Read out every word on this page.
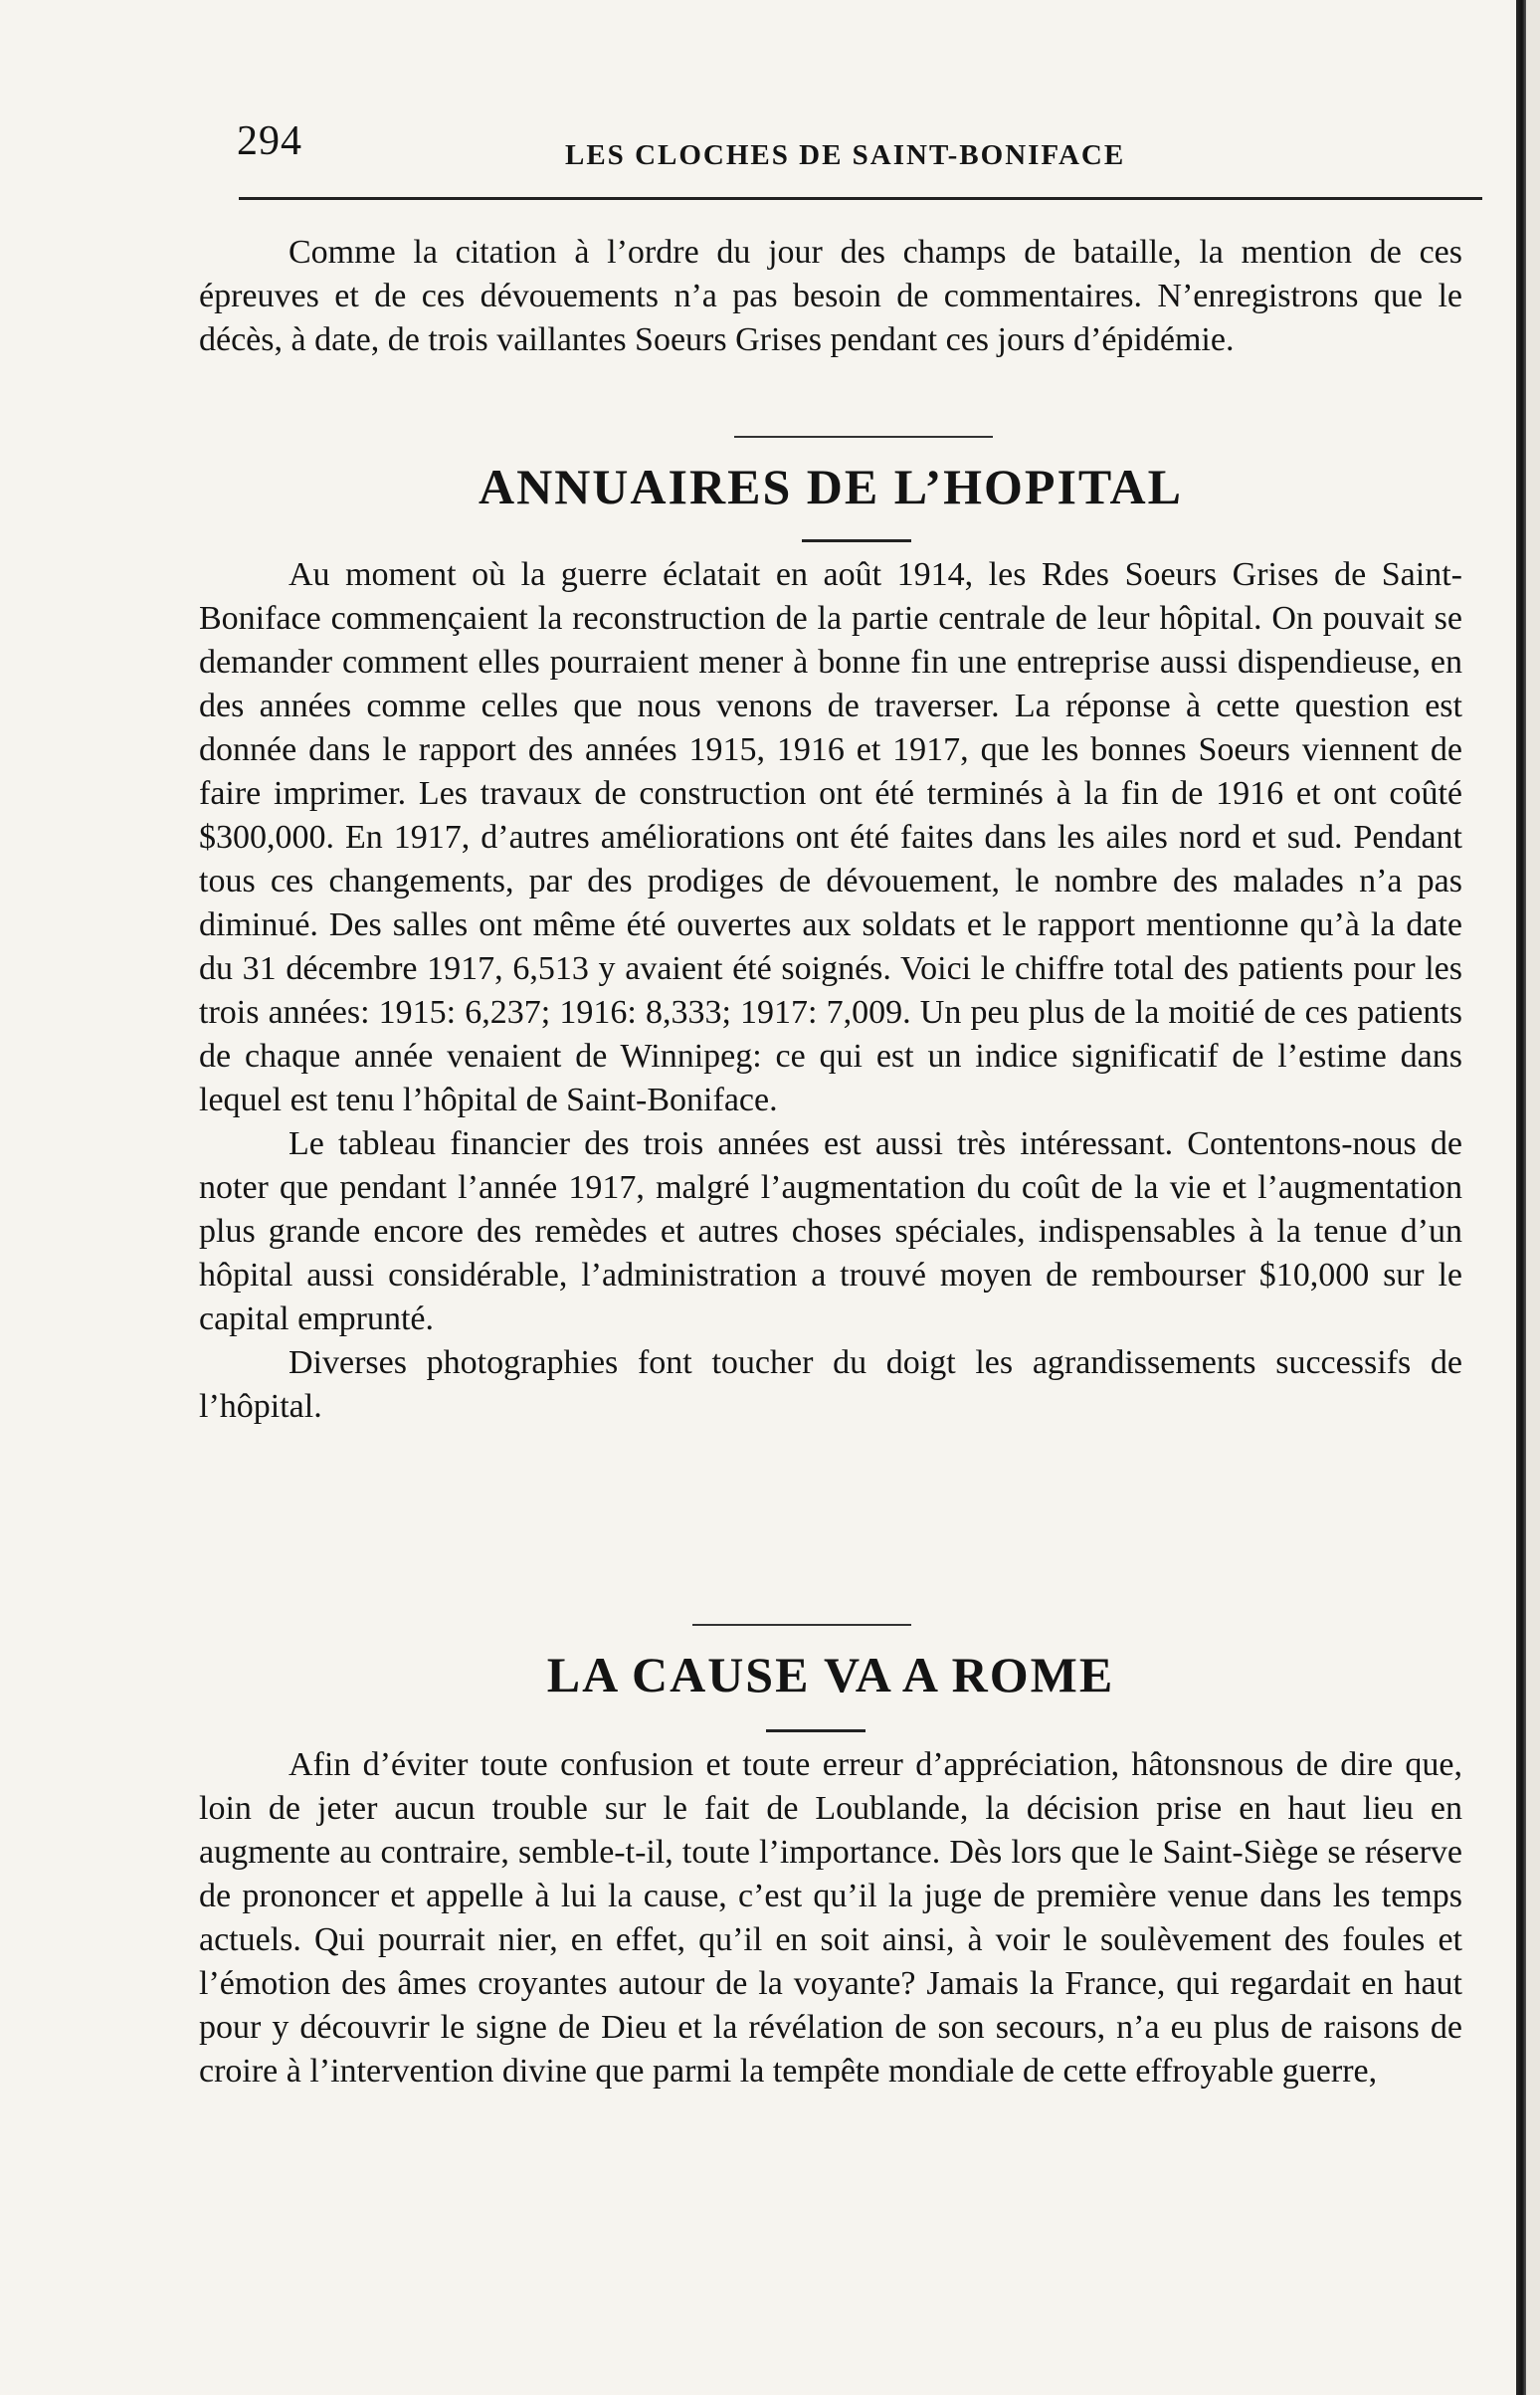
294	LES CLOCHES DE SAINT-BONIFACE

Comme la citation à l’ordre du jour des champs de bataille, la mention de ces épreuves et de ces dévouements n’a pas besoin de commentaires. N’enregistrons que le décès, à date, de trois vaillantes Soeurs Grises pendant ces jours d’épidémie.

ANNUAIRES DE L’HOPITAL

Au moment où la guerre éclatait en août 1914, les Rdes Soeurs Grises de Saint-Boniface commençaient la reconstruction de la partie centrale de leur hôpital. On pouvait se demander comment elles pourraient mener à bonne fin une entreprise aussi dispendieuse, en des années comme celles que nous venons de traverser. La réponse à cette question est donnée dans le rapport des années 1915, 1916 et 1917, que les bonnes Soeurs viennent de faire imprimer. Les travaux de construction ont été terminés à la fin de 1916 et ont coûté $300,000. En 1917, d’autres améliorations ont été faites dans les ailes nord et sud. Pendant tous ces changements, par des prodiges de dévouement, le nombre des malades n’a pas diminué. Des salles ont même été ouvertes aux soldats et le rapport mentionne qu’à la date du 31 décembre 1917, 6,513 y avaient été soignés. Voici le chiffre total des patients pour les trois années: 1915: 6,237; 1916: 8,333; 1917: 7,009. Un peu plus de la moitié de ces patients de chaque année venaient de Winnipeg: ce qui est un indice significatif de l’estime dans lequel est tenu l’hôpital de Saint-Boniface.

Le tableau financier des trois années est aussi très intéressant. Contentons-nous de noter que pendant l’année 1917, malgré l’augmentation du coût de la vie et l’augmentation plus grande encore des remèdes et autres choses spéciales, indispensables à la tenue d’un hôpital aussi considérable, l’administration a trouvé moyen de rembourser $10,000 sur le capital emprunté.

Diverses photographies font toucher du doigt les agrandissements successifs de l’hôpital.

LA CAUSE VA A ROME

Afin d’éviter toute confusion et toute erreur d’appréciation, hâtonsnous de dire que, loin de jeter aucun trouble sur le fait de Loublande, la décision prise en haut lieu en augmente au contraire, semble-t-il, toute l’importance. Dès lors que le Saint-Siège se réserve de prononcer et appelle à lui la cause, c’est qu’il la juge de première venue dans les temps actuels. Qui pourrait nier, en effet, qu’il en soit ainsi, à voir le soulèvement des foules et l’émotion des âmes croyantes autour de la voyante? Jamais la France, qui regardait en haut pour y découvrir le signe de Dieu et la révélation de son secours, n’a eu plus de raisons de croire à l’intervention divine que parmi la tempête mondiale de cette effroyable guerre,
